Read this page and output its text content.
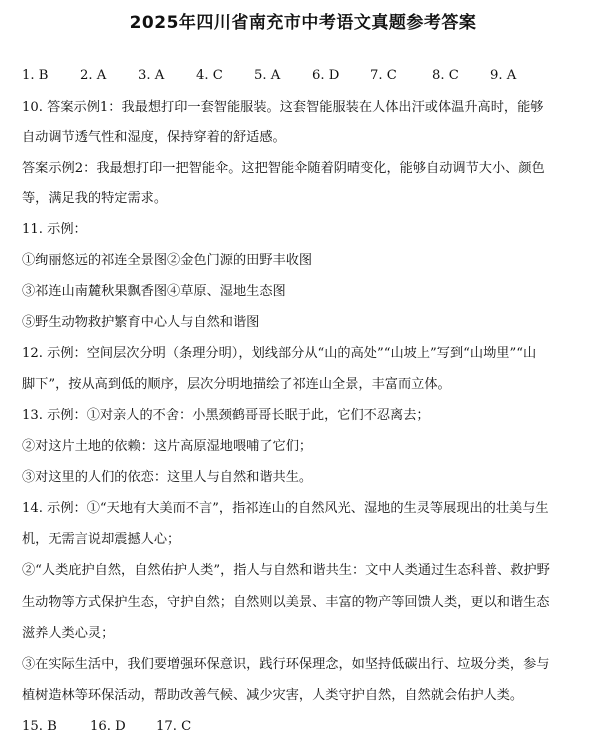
2025年四川省南充市中考语文真题参考答案
1. B 2. A 3. A 4. C 5. A 6. D 7. C	8. C 9. A
10. 答案示例1：我最想打印一套智能服装。这套智能服装在人体出汗或体温升高时，能够
自动调节透气性和湿度，保持穿着的舒适感。
答案示例2：我最想打印一把智能伞。这把智能伞随着阴晴变化，能够自动调节大小、颜色
等，满足我的特定需求。
11. 示例：
①绚丽悠远的祁连全景图②金色门源的田野丰收图
③祁连山南麓秋果飘香图④草原、湿地生态图
⑤野生动物救护繁育中心人与自然和谐图
12. 示例：空间层次分明（条理分明），划线部分从“山的高处”“山坡上”写到“山坳里”“山
脚下”，按从高到低的顺序，层次分明地描绘了祁连山全景，丰富而立体。
13. 示例：①对亲人的不舍：小黑颈鹤哥哥长眠于此，它们不忍离去；
②对这片土地的依赖：这片高原湿地喂哺了它们；
③对这里的人们的依恋：这里人与自然和谐共生。
14. 示例：①“天地有大美而不言”，指祁连山的自然风光、湿地的生灵等展现出的壮美与生
机，无需言说却震撼人心；
②“人类庇护自然，自然佑护人类”，指人与自然和谐共生：文中人类通过生态科普、救护野
生动物等方式保护生态，守护自然；自然则以美景、丰富的物产等回馈人类，更以和谐生态
滋养人类心灵；
③在实际生活中，我们要增强环保意识，践行环保理念，如坚持低碳出行、垃圾分类，参与
植树造林等环保活动，帮助改善气候、减少灾害，人类守护自然，自然就会佑护人类。
15. B	16. D 17. C
